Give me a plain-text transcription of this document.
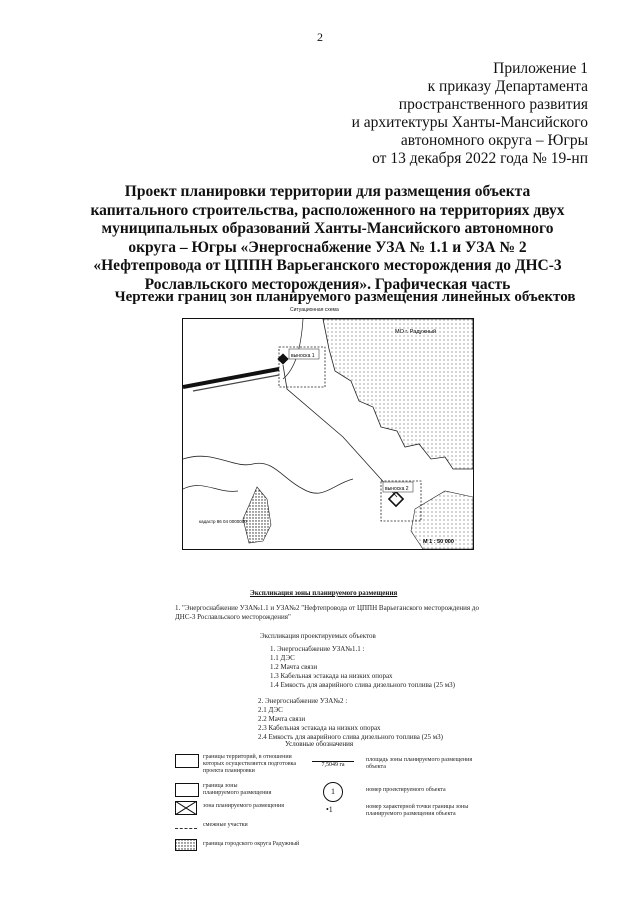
2
Приложение 1
к приказу Департамента
пространственного развития
и архитектуры Ханты-Мансийского
автономного округа – Югры
от 13 декабря 2022 года № 19-нп
Проект планировки территории для размещения объекта капитального строительства, расположенного на территориях двух муниципальных образований Ханты-Мансийского автономного округа – Югры «Энергоснабжение УЗА № 1.1 и УЗА № 2 «Нефтепровода от ЦППН Варьеганского месторождения до ДНС-3 Рославльского месторождения». Графическая часть
Чертежи границ зон планируемого размещения линейных объектов
Ситуационная схема
выноска 1
выноска 2
МО г. Радужный
кадастр 86 04 0000000
М 1 : 50 000
Экспликация зоны планируемого размещения
1. "Энергоснабжение УЗА№1.1 и УЗА№2 "Нефтепровода от ЦППН Варьеганского месторождения до ДНС-3 Рославльского месторождения"
Экспликация проектируемых объектов
1. Энергоснабжение УЗА№1.1 :
1.1 ДЭС
1.2 Мачта связи
1.3 Кабельная эстакада на низких опорах
1.4 Емкость для аварийного слива дизельного топлива (25 м3)
2. Энергоснабжение УЗА№2 :
2.1 ДЭС
2.2 Мачта связи
2.3 Кабельная эстакада на низких опорах
2.4 Емкость для аварийного слива дизельного топлива (25 м3)
Условные обозначения
границы территорий, в отношении которых осуществляется подготовка проекта планировки
граница зоны планируемого размещения
зона планируемого размещения
смежные участки
граница городского округа Радужный
7,5049 га
площадь зоны планируемого размещения объекта
1	номер проектируемого объекта
•1	номер характерной точки границы зоны планируемого размещения объекта
